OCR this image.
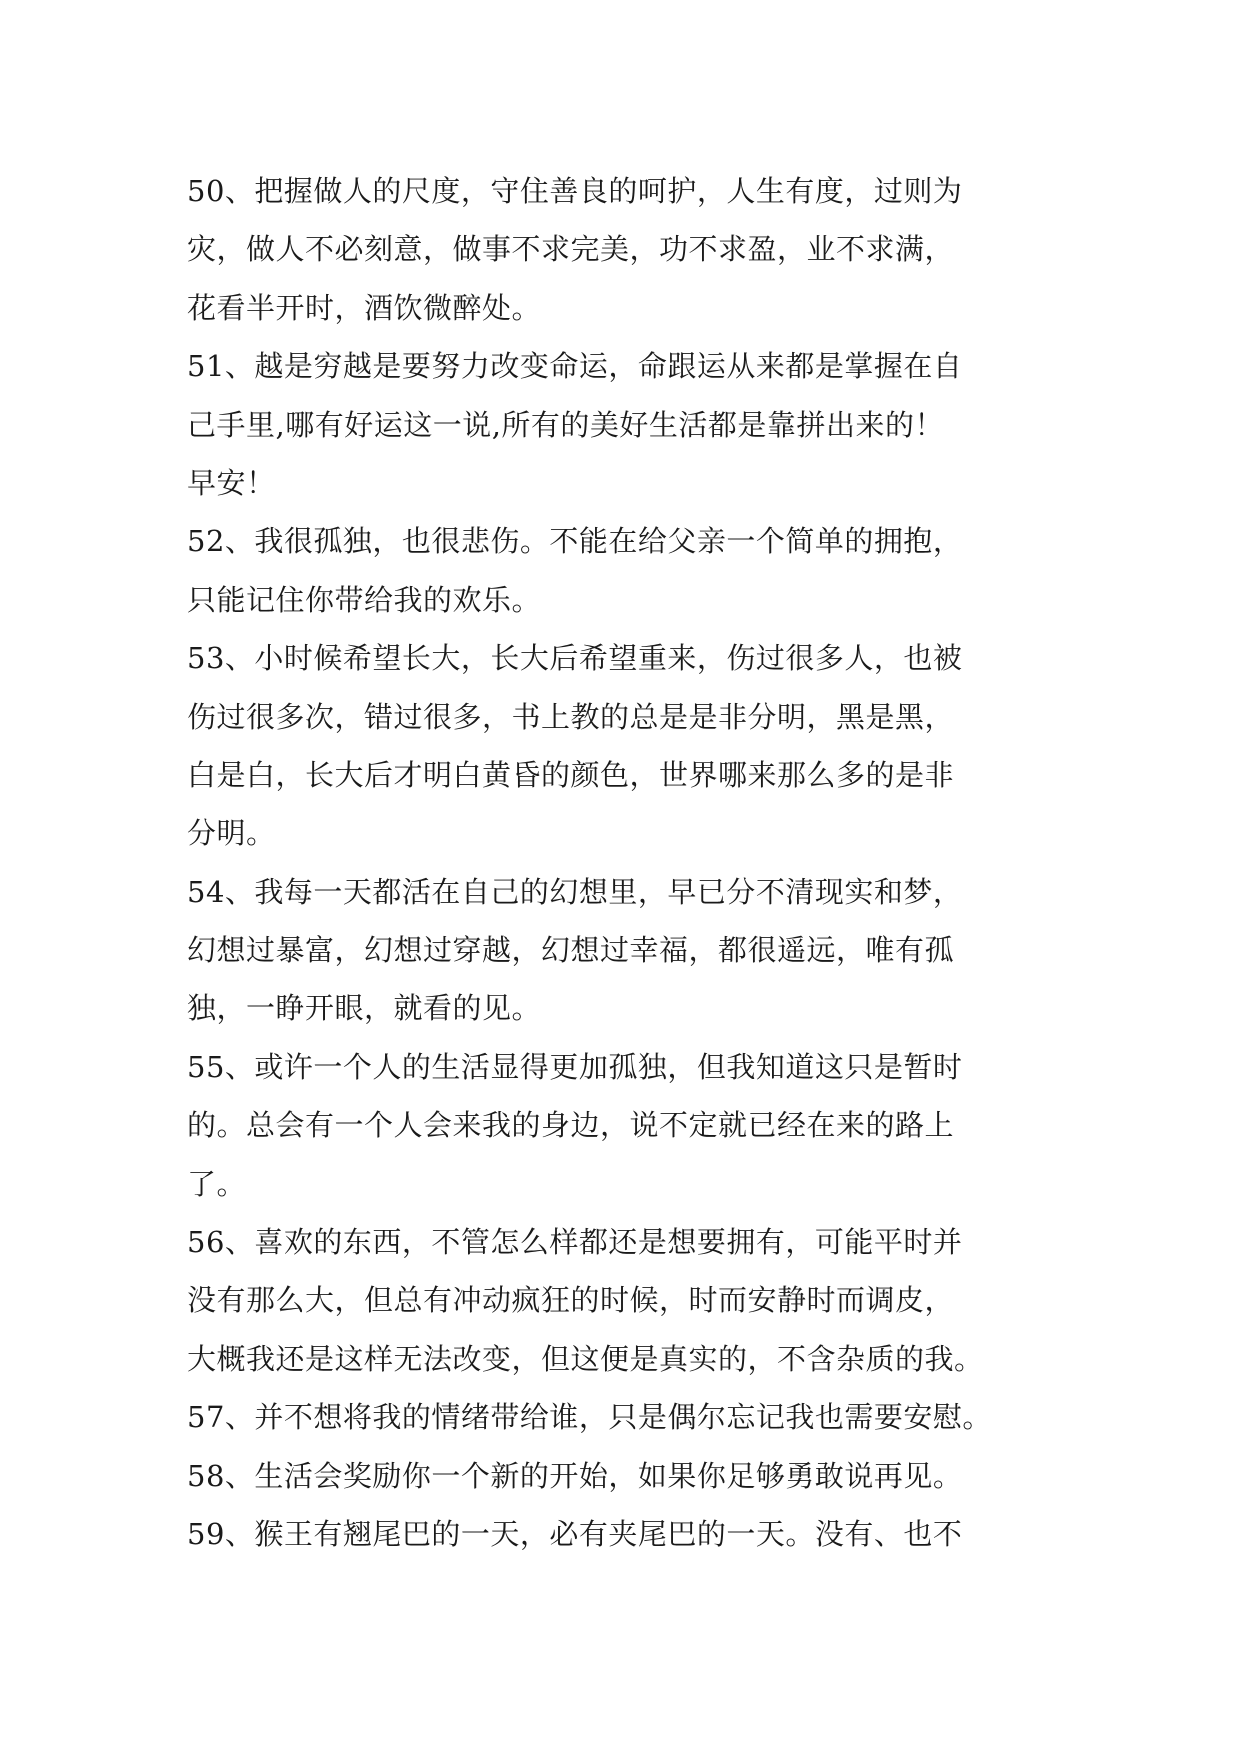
50、把握做人的尺度，守住善良的呵护，人生有度，过则为
灾，做人不必刻意，做事不求完美，功不求盈，业不求满，
花看半开时，酒饮微醉处。
51、越是穷越是要努力改变命运，命跟运从来都是掌握在自
己手里,哪有好运这一说,所有的美好生活都是靠拼出来的！
早安！
52、我很孤独，也很悲伤。不能在给父亲一个简单的拥抱，
只能记住你带给我的欢乐。
53、小时候希望长大，长大后希望重来，伤过很多人，也被
伤过很多次，错过很多，书上教的总是是非分明，黑是黑，
白是白，长大后才明白黄昏的颜色，世界哪来那么多的是非
分明。
54、我每一天都活在自己的幻想里，早已分不清现实和梦，
幻想过暴富，幻想过穿越，幻想过幸福，都很遥远，唯有孤
独，一睁开眼，就看的见。
55、或许一个人的生活显得更加孤独，但我知道这只是暂时
的。总会有一个人会来我的身边，说不定就已经在来的路上
了。
56、喜欢的东西，不管怎么样都还是想要拥有，可能平时并
没有那么大，但总有冲动疯狂的时候，时而安静时而调皮，
大概我还是这样无法改变，但这便是真实的，不含杂质的我。
57、并不想将我的情绪带给谁，只是偶尔忘记我也需要安慰。
58、生活会奖励你一个新的开始，如果你足够勇敢说再见。
59、猴王有翘尾巴的一天，必有夹尾巴的一天。没有、也不
